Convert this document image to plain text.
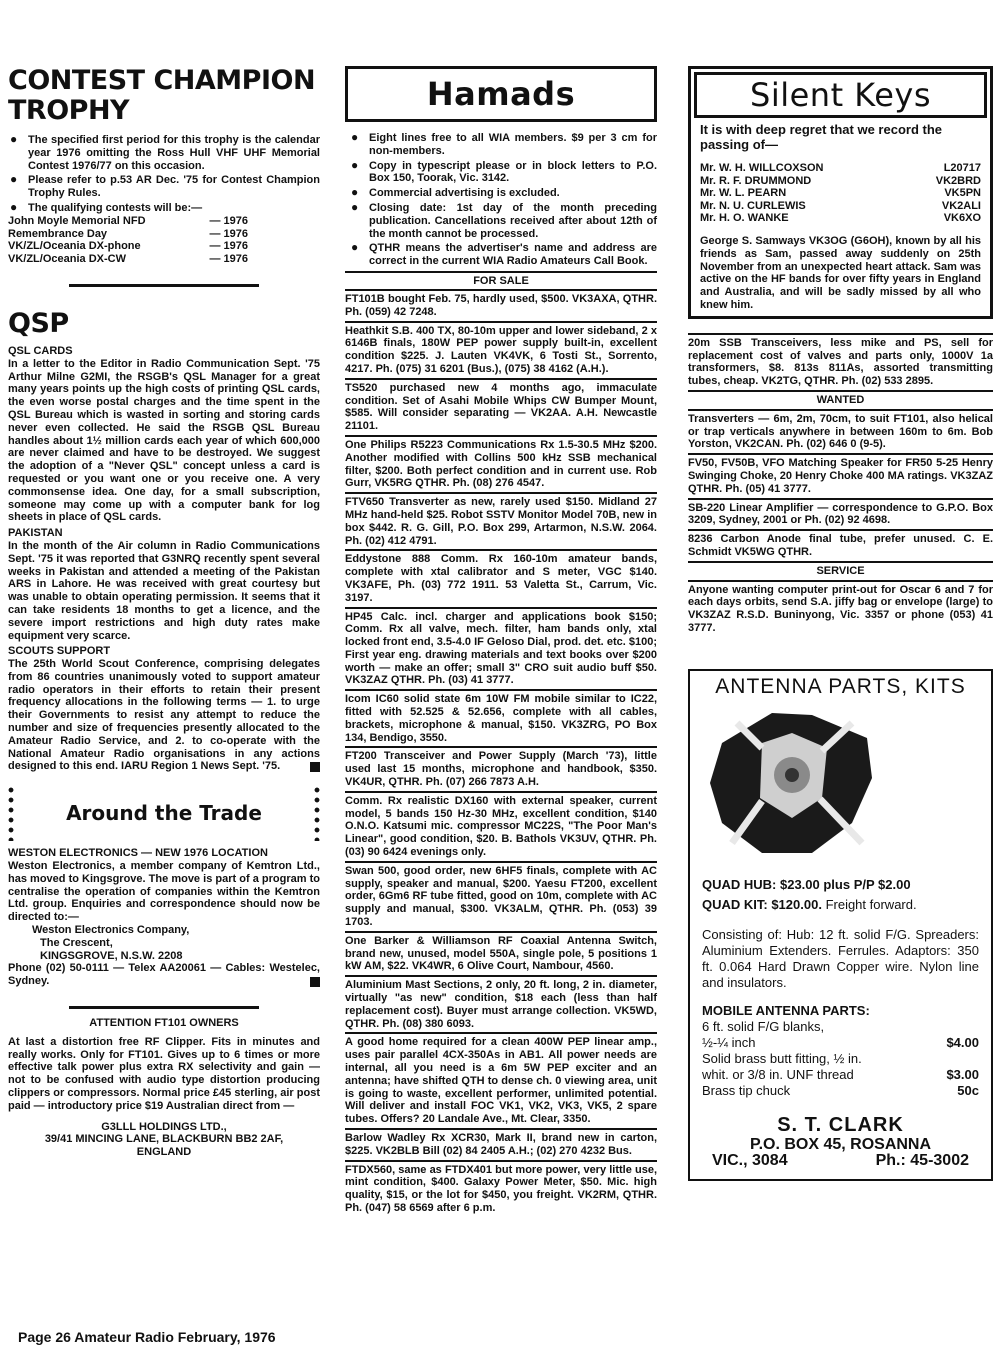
CONTEST CHAMPION
TROPHY
● The specified first period for this trophy is the calendar year 1976 omitting the Ross Hull VHF UHF Memorial Contest 1976/77 on this occasion.
● Please refer to p.53 AR Dec. '75 for Contest Champion Trophy Rules.
● The qualifying contests will be:—
John Moyle Memorial NFD	— 1976
Remembrance Day	— 1976
VK/ZL/Oceania DX-phone	— 1976
VK/ZL/Oceania DX-CW	— 1976
QSP
QSL CARDS

In a letter to the Editor in Radio Communication Sept. '75 Arthur Milne G2MI, the RSGB's QSL Manager for a great many years points up the high costs of printing QSL cards, the even worse postal charges and the time spent in the QSL Bureau which is wasted in sorting and storing cards never even collected. He said the RSGB QSL Bureau handles about 1½ million cards each year of which 600,000 are never claimed and have to be destroyed. We suggest the adoption of a "Never QSL" concept unless a card is requested or you want one or you receive one. A very commonsense idea. One day, for a small subscription, someone may come up with a computer bank for log sheets in place of QSL cards.

PAKISTAN

In the month of the Air column in Radio Communications Sept. '75 it was reported that G3NRQ recently spent several weeks in Pakistan and attended a meeting of the Pakistan ARS in Lahore. He was received with great courtesy but was unable to obtain operating permission. It seems that it can take residents 18 months to get a licence, and the severe import restrictions and high duty rates make equipment very scarce.

SCOUTS SUPPORT

The 25th World Scout Conference, comprising delegates from 86 countries unanimously voted to support amateur radio operators in their efforts to retain their present frequency allocations in the following terms — 1. to urge their Governments to resist any attempt to reduce the number and size of frequencies presently allocated to the Amateur Radio Service, and 2. to co-operate with the National Amateur Radio organisations in any actions designed to this end. IARU Region 1 News Sept. '75.

Around the Trade
WESTON ELECTRONICS — NEW 1976 LOCATION

Weston Electronics, a member company of Kemtron Ltd., has moved to Kingsgrove. The move is part of a program to centralise the operation of companies within the Kemtron Ltd. group. Enquiries and correspondence should now be directed to:—

Weston Electronics Company,
The Crescent,
KINGSGROVE, N.S.W. 2208

Phone (02) 50-0111 — Telex AA20061 — Cables: Westelec, Sydney.

ATTENTION FT101 OWNERS

At last a distortion free RF Clipper. Fits in minutes and really works. Only for FT101. Gives up to 6 times or more effective talk power plus extra RX selectivity and gain — not to be confused with audio type distortion producing clippers or compressors. Normal price £45 sterling, air post paid — introductory price $19 Australian direct from —

G3LLL HOLDINGS LTD.,
39/41 MINCING LANE, BLACKBURN BB2 2AF,
ENGLAND
Hamads
● Eight lines free to all WIA members. $9 per 3 cm for non-members.
● Copy in typescript please or in block letters to P.O. Box 150, Toorak, Vic. 3142.
● Commercial advertising is excluded.
● Closing date: 1st day of the month preceding publication. Cancellations received after about 12th of the month cannot be processed.
● QTHR means the advertiser's name and address are correct in the current WIA Radio Amateurs Call Book.
FOR SALE
FT101B bought Feb. 75, hardly used, $500. VK3AXA, QTHR. Ph. (059) 42 7248.
Heathkit S.B. 400 TX, 80-10m upper and lower sideband, 2 x 6146B finals, 180W PEP power supply built-in, excellent condition $225. J. Lauten VK4VK, 6 Tosti St., Sorrento, 4217. Ph. (075) 31 6201 (Bus.), (075) 38 4162 (A.H.).
TS520 purchased new 4 months ago, immaculate condition. Set of Asahi Mobile Whips CW Bumper Mount, $585. Will consider separating — VK2AA. A.H. Newcastle 21101.
One Philips R5223 Communications Rx 1.5-30.5 MHz $200. Another modified with Collins 500 kHz SSB mechanical filter, $200. Both perfect condition and in current use. Rob Gurr, VK5RG QTHR. Ph. (08) 276 4547.
FTV650 Transverter as new, rarely used $150. Midland 27 MHz hand-held $25. Robot SSTV Monitor Model 70B, new in box $442. R. G. Gill, P.O. Box 299, Artarmon, N.S.W. 2064. Ph. (02) 412 4791.
Eddystone 888 Comm. Rx 160-10m amateur bands, complete with xtal calibrator and S meter, VGC $140. VK3AFE, Ph. (03) 772 1911. 53 Valetta St., Carrum, Vic. 3197.
HP45 Calc. incl. charger and applications book $150; Comm. Rx all valve, mech. filter, ham bands only, xtal locked front end, 3.5-4.0 IF Geloso Dial, prod. det. etc. $100; First year eng. drawing materials and text books over $200 worth — make an offer; small 3" CRO suit audio buff $50. VK3ZAZ QTHR. Ph. (03) 41 3777.
Icom IC60 solid state 6m 10W FM mobile similar to IC22, fitted with 52.525 & 52.656, complete with all cables, brackets, microphone & manual, $150. VK3ZRG, PO Box 134, Bendigo, 3550.
FT200 Transceiver and Power Supply (March '73), little used last 15 months, microphone and handbook, $350. VK4UR, QTHR. Ph. (07) 266 7873 A.H.
Comm. Rx realistic DX160 with external speaker, current model, 5 bands 150 Hz-30 MHz, excellent condition, $140 O.N.O. Katsumi mic. compressor MC22S, "The Poor Man's Linear", good condition, $20. B. Bathols VK3UV, QTHR. Ph. (03) 90 6424 evenings only.
Swan 500, good order, new 6HF5 finals, complete with AC supply, speaker and manual, $200. Yaesu FT200, excellent order, 6Gm6 RF tube fitted, good on 10m, complete with AC supply and manual, $300. VK3ALM, QTHR. Ph. (053) 39 1703.
One Barker & Williamson RF Coaxial Antenna Switch, brand new, unused, model 550A, single pole, 5 positions 1 kW AM, $22. VK4WR, 6 Olive Court, Nambour, 4560.
Aluminium Mast Sections, 2 only, 20 ft. long, 2 in. diameter, virtually "as new" condition, $18 each (less than half replacement cost). Buyer must arrange collection. VK5WD, QTHR. Ph. (08) 380 6093.
A good home required for a clean 400W PEP linear amp., uses pair parallel 4CX-350As in AB1. All power needs are internal, all you need is a 6m 5W PEP exciter and an antenna; have shifted QTH to dense ch. 0 viewing area, unit is going to waste, excellent performer, unlimited potential. Will deliver and install FOC VK1, VK2, VK3, VK5, 2 spare tubes. Offers? 20 Landale Ave., Mt. Clear, 3350.
Barlow Wadley Rx XCR30, Mark II, brand new in carton, $225. VK2BLB Bill (02) 84 2405 A.H.; (02) 270 4232 Bus.
FTDX560, same as FTDX401 but more power, very little use, mint condition, $400. Galaxy Power Meter, $50. Mic. high quality, $15, or the lot for $450, you freight. VK2RM, QTHR. Ph. (047) 58 6569 after 6 p.m.
Silent Keys
It is with deep regret that we record the passing of—
Mr. W. H. WILLCOXSON	L20717
Mr. R. F. DRUMMOND	VK2BRD
Mr. W. L. PEARN	VK5PN
Mr. N. U. CURLEWIS	VK2ALI
Mr. H. O. WANKE	VK6XO
George S. Samways VK3OG (G6OH), known by all his friends as Sam, passed away suddenly on 25th November from an unexpected heart attack. Sam was active on the HF bands for over fifty years in England and Australia, and will be sadly missed by all who knew him.
20m SSB Transceivers, less mike and PS, sell for replacement cost of valves and parts only, 1000V 1a transformers, $8. 813s 811As, assorted transmitting tubes, cheap. VK2TG, QTHR. Ph. (02) 533 2895.
WANTED
Transverters — 6m, 2m, 70cm, to suit FT101, also helical or trap verticals anywhere in between 160m to 6m. Bob Yorston, VK2CAN. Ph. (02) 646 0 (9-5).
FV50, FV50B, VFO Matching Speaker for FR50 5-25 Henry Swinging Choke, 20 Henry Choke 400 MA ratings. VK3ZAZ QTHR. Ph. (05) 41 3777.
SB-220 Linear Amplifier — correspondence to G.P.O. Box 3209, Sydney, 2001 or Ph. (02) 92 4698.
8236 Carbon Anode final tube, prefer unused. C. E. Schmidt VK5WG QTHR.
SERVICE
Anyone wanting computer print-out for Oscar 6 and 7 for each days orbits, send S.A. jiffy bag or envelope (large) to VK3ZAZ R.S.D. Buninyong, Vic. 3357 or phone (053) 41 3777.
ANTENNA PARTS, KITS
QUAD HUB: $23.00 plus P/P $2.00
QUAD KIT: $120.00. Freight forward.
Consisting of: Hub: 12 ft. solid F/G. Spreaders: Aluminium Extenders. Ferrules. Adaptors: 350 ft. 0.064 Hard Drawn Copper wire. Nylon line and insulators.
MOBILE ANTENNA PARTS:
6 ft. solid F/G blanks,
½-¼ inch	$4.00
Solid brass butt fitting, ½ in.
whit. or 3/8 in. UNF thread	$3.00
Brass tip chuck	50c
S. T. CLARK
P.O. BOX 45, ROSANNA
VIC., 3084	Ph.: 45-3002
Page 26 Amateur Radio February, 1976
